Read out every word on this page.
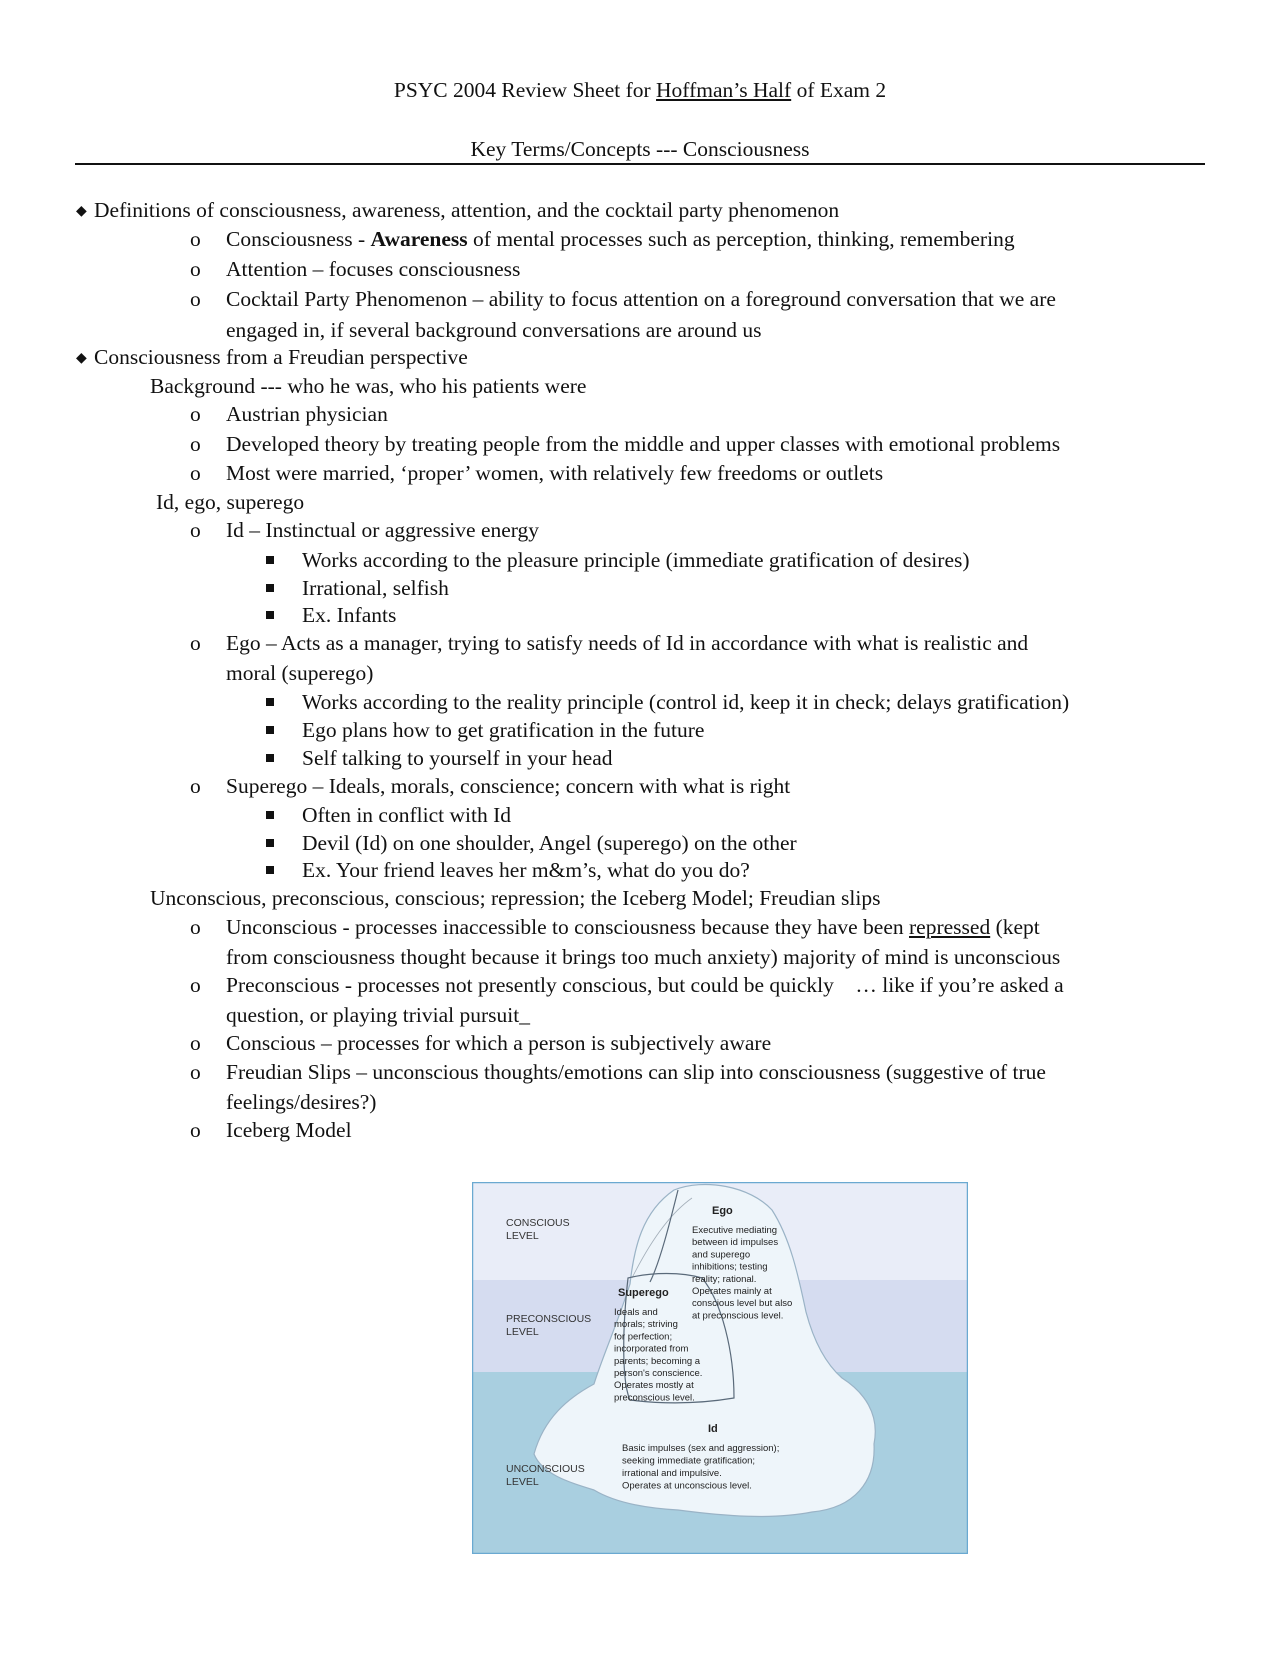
PSYC 2004 Review Sheet for Hoffman’s Half of Exam 2
Key Terms/Concepts --- Consciousness
◆ Definitions of consciousness, awareness, attention, and the cocktail party phenomenon
o Consciousness - Awareness of mental processes such as perception, thinking, remembering
o Attention – focuses consciousness
o Cocktail Party Phenomenon – ability to focus attention on a foreground conversation that we are
engaged in, if several background conversations are around us
◆ Consciousness from a Freudian perspective
Background --- who he was, who his patients were
o Austrian physician
o Developed theory by treating people from the middle and upper classes with emotional problems
o Most were married, ‘proper’ women, with relatively few freedoms or outlets
Id, ego, superego
o Id – Instinctual or aggressive energy
Works according to the pleasure principle (immediate gratification of desires)
Irrational, selfish
Ex. Infants
o Ego – Acts as a manager, trying to satisfy needs of Id in accordance with what is realistic and
moral (superego)
Works according to the reality principle (control id, keep it in check; delays gratification)
Ego plans how to get gratification in the future
Self talking to yourself in your head
o Superego – Ideals, morals, conscience; concern with what is right
Often in conflict with Id
Devil (Id) on one shoulder, Angel (superego) on the other
Ex. Your friend leaves her m&m’s, what do you do?
Unconscious, preconscious, conscious; repression; the Iceberg Model; Freudian slips
o Unconscious - processes inaccessible to consciousness because they have been repressed (kept
from consciousness thought because it brings too much anxiety) majority of mind is unconscious
o Preconscious - processes not presently conscious, but could be quickly    … like if you’re asked a
question, or playing trivial pursuit_
o Conscious – processes for which a person is subjectively aware
o Freudian Slips – unconscious thoughts/emotions can slip into consciousness (suggestive of true
feelings/desires?)
o Iceberg Model
CONSCIOUS LEVEL
PRECONSCIOUS LEVEL
UNCONSCIOUS LEVEL
Ego
Executive mediating between id impulses and superego inhibitions; testing reality; rational. Operates mainly at conscious level but also at preconscious level.
Superego
Ideals and morals; striving for perfection; incorporated from parents; becoming a person's conscience. Operates mostly at preconscious level.
Id
Basic impulses (sex and aggression); seeking immediate gratification; irrational and impulsive. Operates at unconscious level.
